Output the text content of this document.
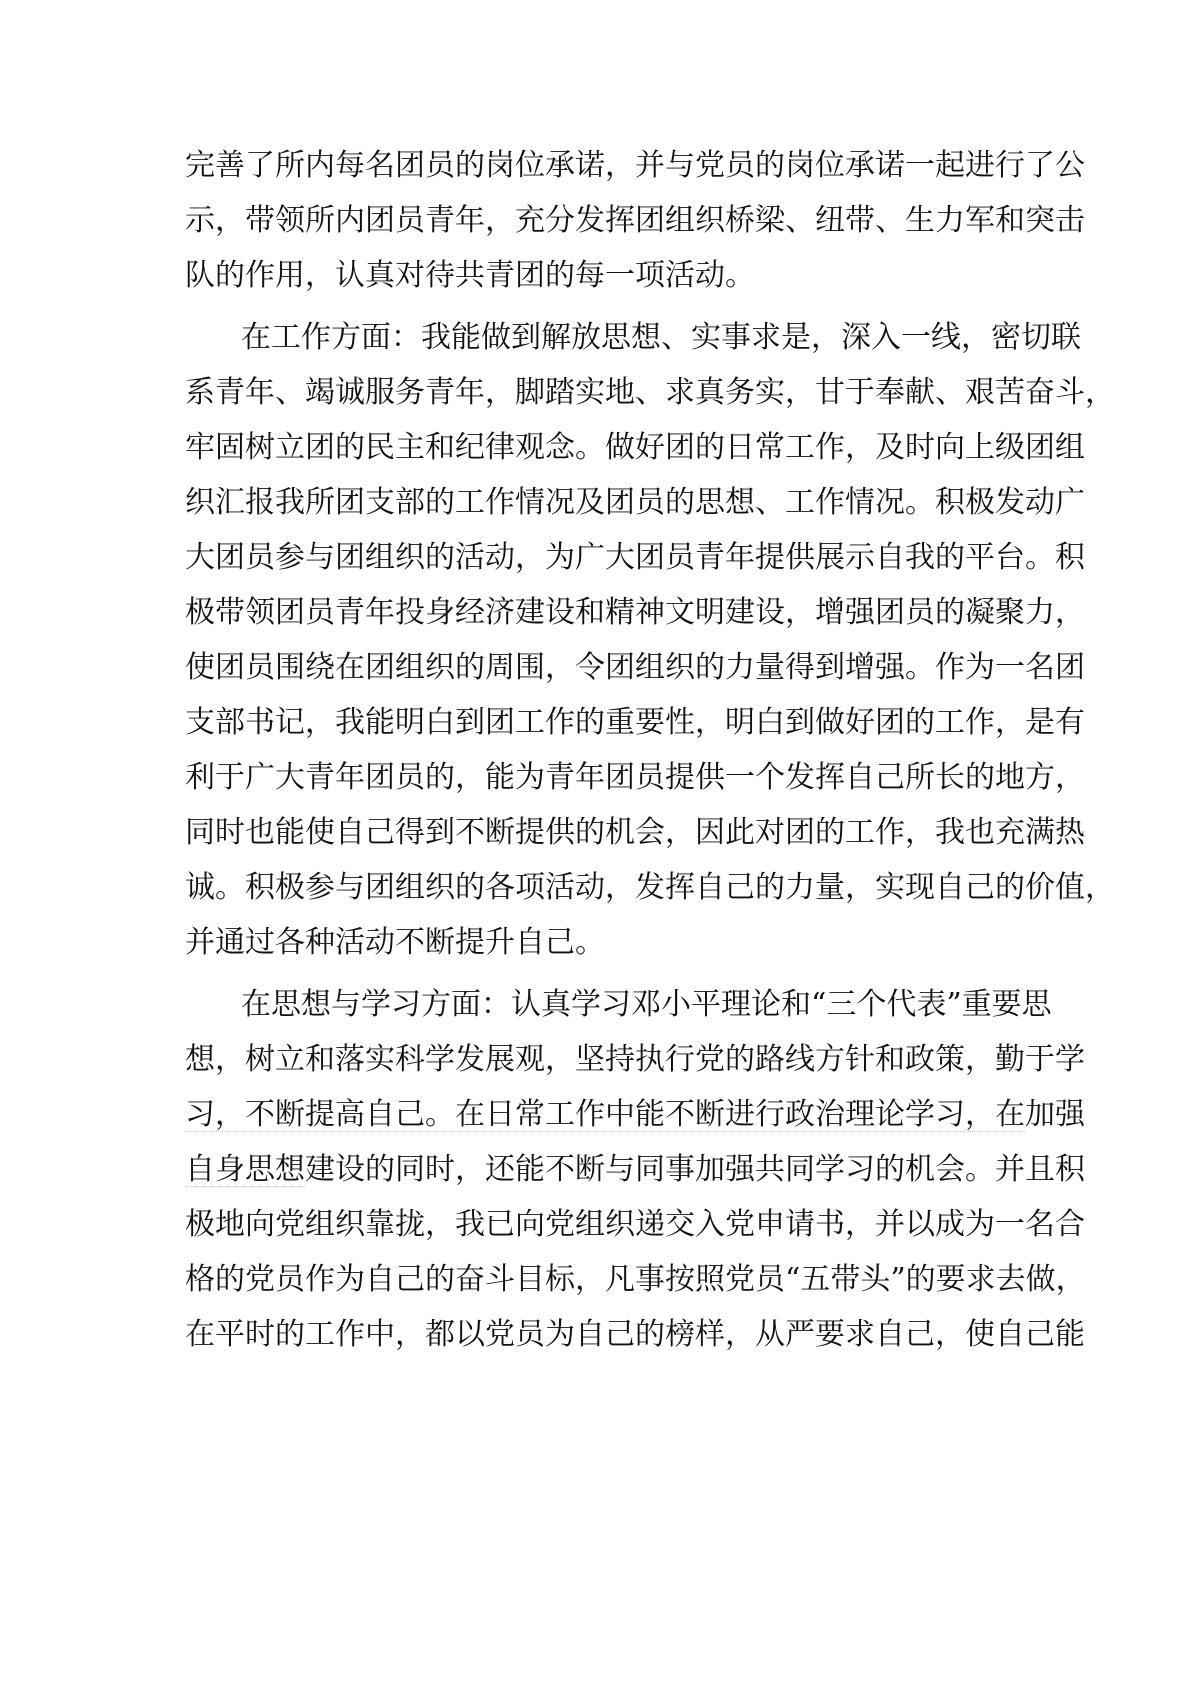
完善了所内每名团员的岗位承诺，并与党员的岗位承诺一起进行了公
示，带领所内团员青年，充分发挥团组织桥梁、纽带、生力军和突击
队的作用，认真对待共青团的每一项活动。
在工作方面：我能做到解放思想、实事求是，深入一线，密切联
系青年、竭诚服务青年，脚踏实地、求真务实，甘于奉献、艰苦奋斗，
牢固树立团的民主和纪律观念。做好团的日常工作，及时向上级团组
织汇报我所团支部的工作情况及团员的思想、工作情况。积极发动广
大团员参与团组织的活动，为广大团员青年提供展示自我的平台。积
极带领团员青年投身经济建设和精神文明建设，增强团员的凝聚力，
使团员围绕在团组织的周围，令团组织的力量得到增强。作为一名团
支部书记，我能明白到团工作的重要性，明白到做好团的工作，是有
利于广大青年团员的，能为青年团员提供一个发挥自己所长的地方，
同时也能使自己得到不断提供的机会，因此对团的工作，我也充满热
诚。积极参与团组织的各项活动，发挥自己的力量，实现自己的价值，
并通过各种活动不断提升自己。
在思想与学习方面：认真学习邓小平理论和“三个代表”重要思
想，树立和落实科学发展观，坚持执行党的路线方针和政策，勤于学
习，不断提高自己。在日常工作中能不断进行政治理论学习，在加强
自身思想建设的同时，还能不断与同事加强共同学习的机会。并且积
极地向党组织靠拢，我已向党组织递交入党申请书，并以成为一名合
格的党员作为自己的奋斗目标，凡事按照党员“五带头”的要求去做，
在平时的工作中，都以党员为自己的榜样，从严要求自己，使自己能
